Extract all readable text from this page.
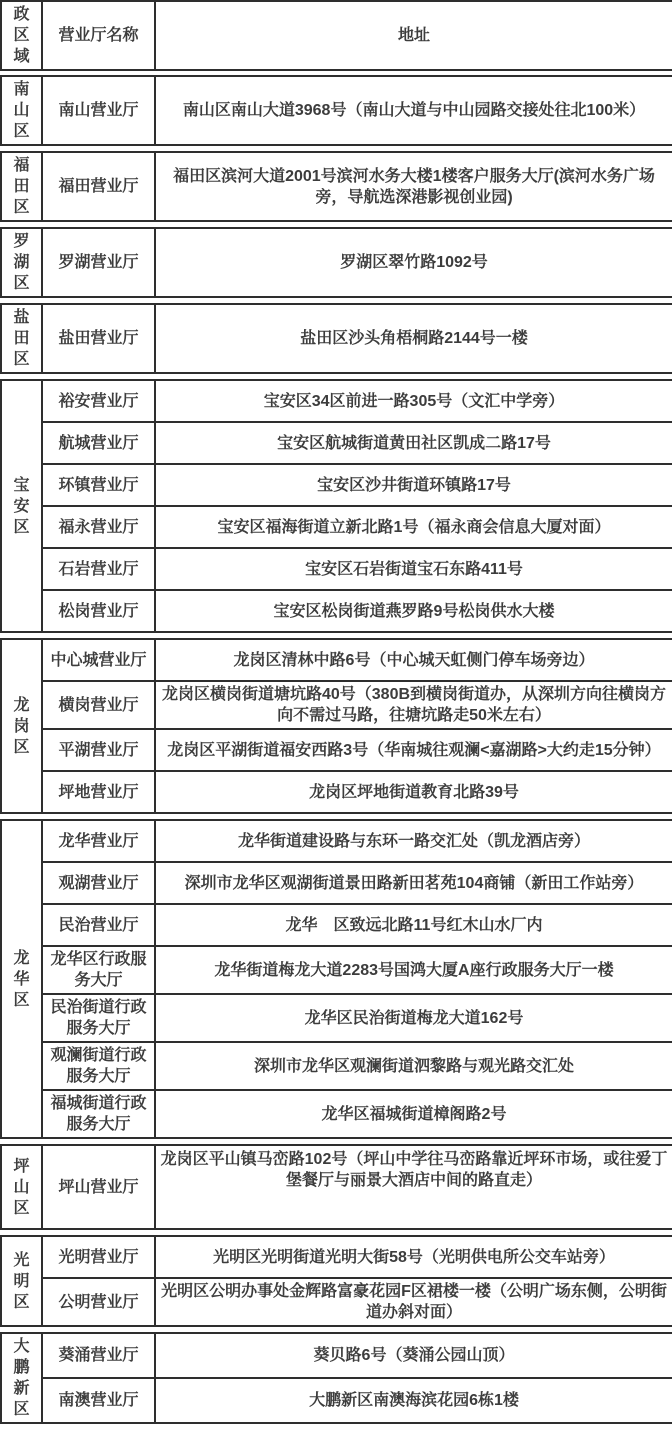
政区域	营业厅名称	地址
南山区	南山营业厅	南山区南山大道3968号（南山大道与中山园路交接处往北100米）
福田区	福田营业厅	福田区滨河大道2001号滨河水务大楼1楼客户服务大厅(滨河水务广场旁，导航选深港影视创业园)
罗湖区	罗湖营业厅	罗湖区翠竹路1092号
盐田区	盐田营业厅	盐田区沙头角梧桐路2144号一楼
宝安区	裕安营业厅	宝安区34区前进一路305号（文汇中学旁）
	航城营业厅	宝安区航城街道黄田社区凯成二路17号
	环镇营业厅	宝安区沙井街道环镇路17号
	福永营业厅	宝安区福海街道立新北路1号（福永商会信息大厦对面）
	石岩营业厅	宝安区石岩街道宝石东路411号
	松岗营业厅	宝安区松岗街道燕罗路9号松岗供水大楼
龙岗区	中心城营业厅	龙岗区清林中路6号（中心城天虹侧门停车场旁边）
	横岗营业厅	龙岗区横岗街道塘坑路40号（380B到横岗街道办，从深圳方向往横岗方向不需过马路，往塘坑路走50米左右）
	平湖营业厅	龙岗区平湖街道福安西路3号（华南城往观澜<嘉湖路>大约走15分钟）
	坪地营业厅	龙岗区坪地街道教育北路39号
龙华区	龙华营业厅	龙华街道建设路与东环一路交汇处（凯龙酒店旁）
	观湖营业厅	深圳市龙华区观湖街道景田路新田茗苑104商铺（新田工作站旁）
	民治营业厅	龙华　区致远北路11号红木山水厂内
	龙华区行政服务大厅	龙华街道梅龙大道2283号国鸿大厦A座行政服务大厅一楼
	民治街道行政服务大厅	龙华区民治街道梅龙大道162号
	观澜街道行政服务大厅	深圳市龙华区观澜街道泗黎路与观光路交汇处
	福城街道行政服务大厅	龙华区福城街道樟阁路2号
坪山区	坪山营业厅	龙岗区平山镇马峦路102号（坪山中学往马峦路靠近坪环市场，或往爱丁堡餐厅与丽景大酒店中间的路直走）
光明区	光明营业厅	光明区光明街道光明大街58号（光明供电所公交车站旁）
	公明营业厅	光明区公明办事处金辉路富豪花园F区裙楼一楼（公明广场东侧，公明街道办斜对面）
大鹏新区	葵涌营业厅	葵贝路6号（葵涌公园山顶）
	南澳营业厅	大鹏新区南澳海滨花园6栋1楼
